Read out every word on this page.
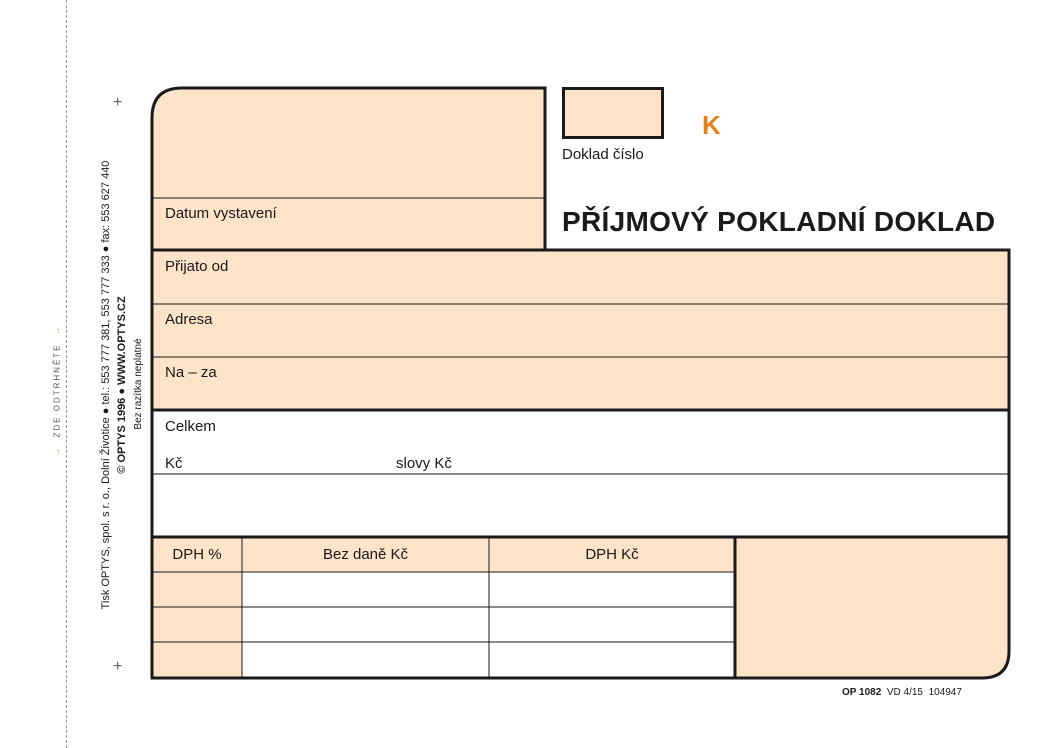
→  ZDE ODTRHNĚTE  →
+
+
Tisk OPTYS, spol. s r. o., Dolní Životice ● tel.: 553 777 381, 553 777 333 ● fax: 553 627 440 © OPTYS 1996 ● WWW.OPTYS.CZ Bez razítka neplatné
Doklad číslo
K
PŘÍJMOVÝ POKLADNÍ DOKLAD
Datum vystavení
Přijato od
Adresa
Na – za
Celkem
Kč	slovy Kč
DPH %	Bez daně Kč	DPH Kč
OP 1082 VD 4/15 104947
